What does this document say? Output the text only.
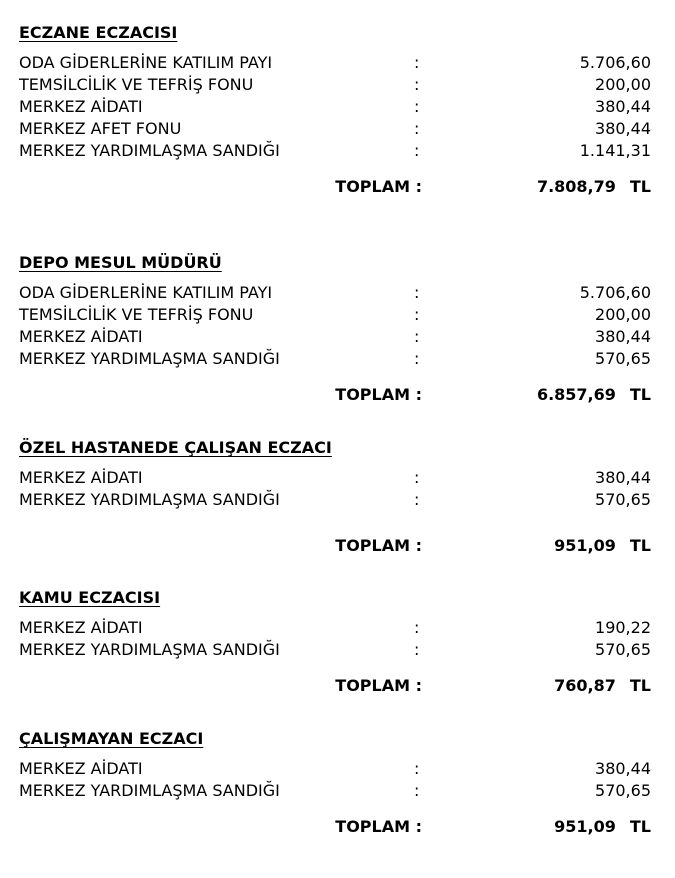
ECZANE ECZACISI
ODA GİDERLERİNE KATILIM PAYI	:	5.706,60
TEMSİLCİLİK VE TEFRİŞ FONU	:	200,00
MERKEZ AİDATI	:	380,44
MERKEZ AFET FONU	:	380,44
MERKEZ YARDIMLAŞMA SANDIĞI	:	1.141,31
TOPLAM :	7.808,79 TL
DEPO MESUL MÜDÜRÜ
ODA GİDERLERİNE KATILIM PAYI	:	5.706,60
TEMSİLCİLİK VE TEFRİŞ FONU	:	200,00
MERKEZ AİDATI	:	380,44
MERKEZ YARDIMLAŞMA SANDIĞI	:	570,65
TOPLAM :	6.857,69 TL
ÖZEL HASTANEDE ÇALIŞAN ECZACI
MERKEZ AİDATI	:	380,44
MERKEZ YARDIMLAŞMA SANDIĞI	:	570,65
TOPLAM :	951,09 TL
KAMU ECZACISI
MERKEZ AİDATI	:	190,22
MERKEZ YARDIMLAŞMA SANDIĞI	:	570,65
TOPLAM :	760,87 TL
ÇALIŞMAYAN ECZACI
MERKEZ AİDATI	:	380,44
MERKEZ YARDIMLAŞMA SANDIĞI	:	570,65
TOPLAM :	951,09 TL
